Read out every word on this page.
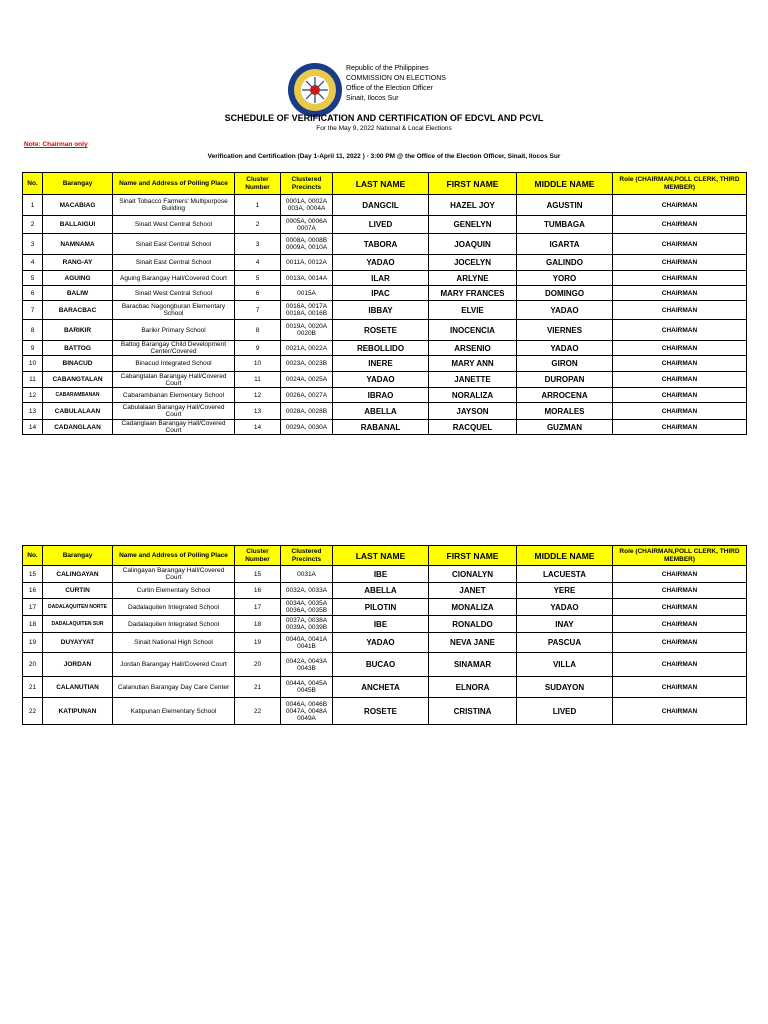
Republic of the Philippines
COMMISSION ON ELECTIONS
Office of the Election Officer
Sinait, Ilocos Sur
SCHEDULE OF VERIFICATION AND CERTIFICATION OF EDCVL AND PCVL
For the May 9, 2022 National & Local Elections
Note: Chairman only
Verification and Certification (Day 1-April 11, 2022 ) - 3:00 PM @ the Office of the Election Officer, Sinait, Ilocos Sur
No.	Barangay	Name and Address of Polling Place	Cluster Number	Clustered Precincts	LAST NAME	FIRST NAME	MIDDLE NAME	Role (CHAIRMAN,POLL CLERK, THIRD MEMBER)
1	MACABIAG	Sinait Tobacco Farmers' Multipurpose Building	1	0001A, 0002A 003A, 0004A	DANGCIL	HAZEL JOY	AGUSTIN	CHAIRMAN
2	BALLAIGUI	Sinait West Central School	2	0005A, 0006A 0007A	LIVED	GENELYN	TUMBAGA	CHAIRMAN
3	NAMNAMA	Sinait East Central School	3	0008A, 0008B 0009A, 0010A	TABORA	JOAQUIN	IGARTA	CHAIRMAN
4	RANG-AY	Sinait East Central School	4	0011A, 0012A	YADAO	JOCELYN	GALINDO	CHAIRMAN
5	AGUING	Aguing Barangay Hall/Covered Court	5	0013A, 0014A	ILAR	ARLYNE	YORO	CHAIRMAN
6	BALIW	Sinait West Central School	6	0015A	IPAC	MARY FRANCES	DOMINGO	CHAIRMAN
7	BARACBAC	Baracbac Nagongburan Elementary School	7	0016A, 0017A 0018A, 0016B	IBBAY	ELVIE	YADAO	CHAIRMAN
8	BARIKIR	Barikir Primary School	8	0019A, 0020A 0020B	ROSETE	INOCENCIA	VIERNES	CHAIRMAN
9	BATTOG	Battog Barangay Child Development Center/Covered	9	0021A, 0022A	REBOLLIDO	ARSENIO	YADAO	CHAIRMAN
10	BINACUD	Binacud Integrated School	10	0023A, 0023B	INERE	MARY ANN	GIRON	CHAIRMAN
11	CABANGTALAN	Cabangtalan Barangay Hall/Covered Court	11	0024A, 0025A	YADAO	JANETTE	DUROPAN	CHAIRMAN
12	CABARAMBANAN	Cabarambanan Elementary School	12	0026A, 0027A	IBRAO	NORALIZA	ARROCENA	CHAIRMAN
13	CABULALAAN	Cabulalaan Barangay Hall/Covered Court	13	0028A, 0028B	ABELLA	JAYSON	MORALES	CHAIRMAN
14	CADANGLAAN	Cadanglaan Barangay Hall/Covered Court	14	0029A, 0030A	RABANAL	RACQUEL	GUZMAN	CHAIRMAN
No.	Barangay	Name and Address of Polling Place	Cluster Number	Clustered Precincts	LAST NAME	FIRST NAME	MIDDLE NAME	Role (CHAIRMAN,POLL CLERK, THIRD MEMBER)
15	CALINGAYAN	Calingayan Barangay Hall/Covered Court	15	0031A	IBE	CIONALYN	LACUESTA	CHAIRMAN
16	CURTIN	Curtin Elementary School	16	0032A, 0033A	ABELLA	JANET	YERE	CHAIRMAN
17	DADALAQUITEN NORTE	Dadalaquiten Integrated School	17	0034A, 0035A 0036A, 0035B	PILOTIN	MONALIZA	YADAO	CHAIRMAN
18	DADALAQUITEN SUR	Dadalaquiten Integrated School	18	0037A, 0038A 0039A, 0039B	IBE	RONALDO	INAY	CHAIRMAN
19	DUYAYYAT	Sinait National High School	19	0040A, 0041A 0041B	YADAO	NEVA JANE	PASCUA	CHAIRMAN
20	JORDAN	Jordan Barangay Hall/Covered Court	20	0042A, 0043A 0043B	BUCAO	SINAMAR	VILLA	CHAIRMAN
21	CALANUTIAN	Calanutian Barangay Day Care Center	21	0044A, 0045A 0045B	ANCHETA	ELNORA	SUDAYON	CHAIRMAN
22	KATIPUNAN	Katipunan Elementary School	22	0046A, 0046B 0047A, 0048A 0049A	ROSETE	CRISTINA	LIVED	CHAIRMAN
